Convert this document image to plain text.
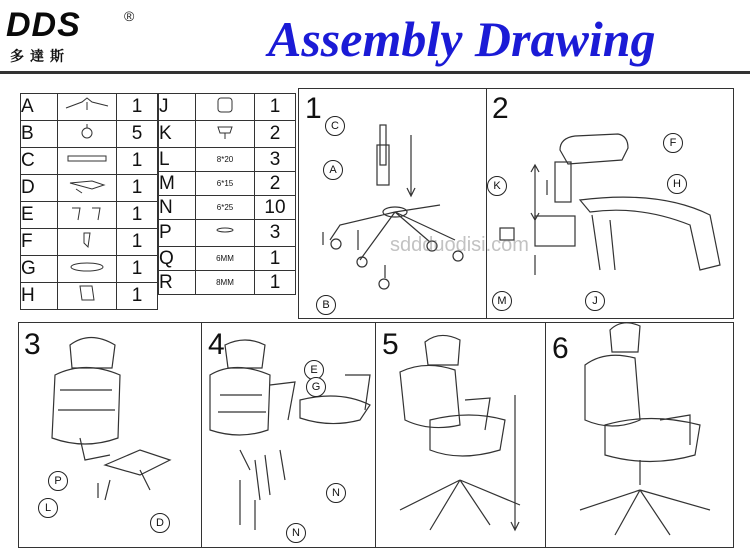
DDS	®
多達斯	Assembly Drawing
A		1
B		5
C		1
D		1
E		1
F		1
G		1
H		1
J		1
K		2
L	8*20	3
M	6*15	2
N	6*25	10
P		3
Q	6MM	1
R	8MM	1
1	2
3	4	5	6
C
A
B
F
H
K
M	J
P
L
D
E
G
N
N
sddduodisi.com
